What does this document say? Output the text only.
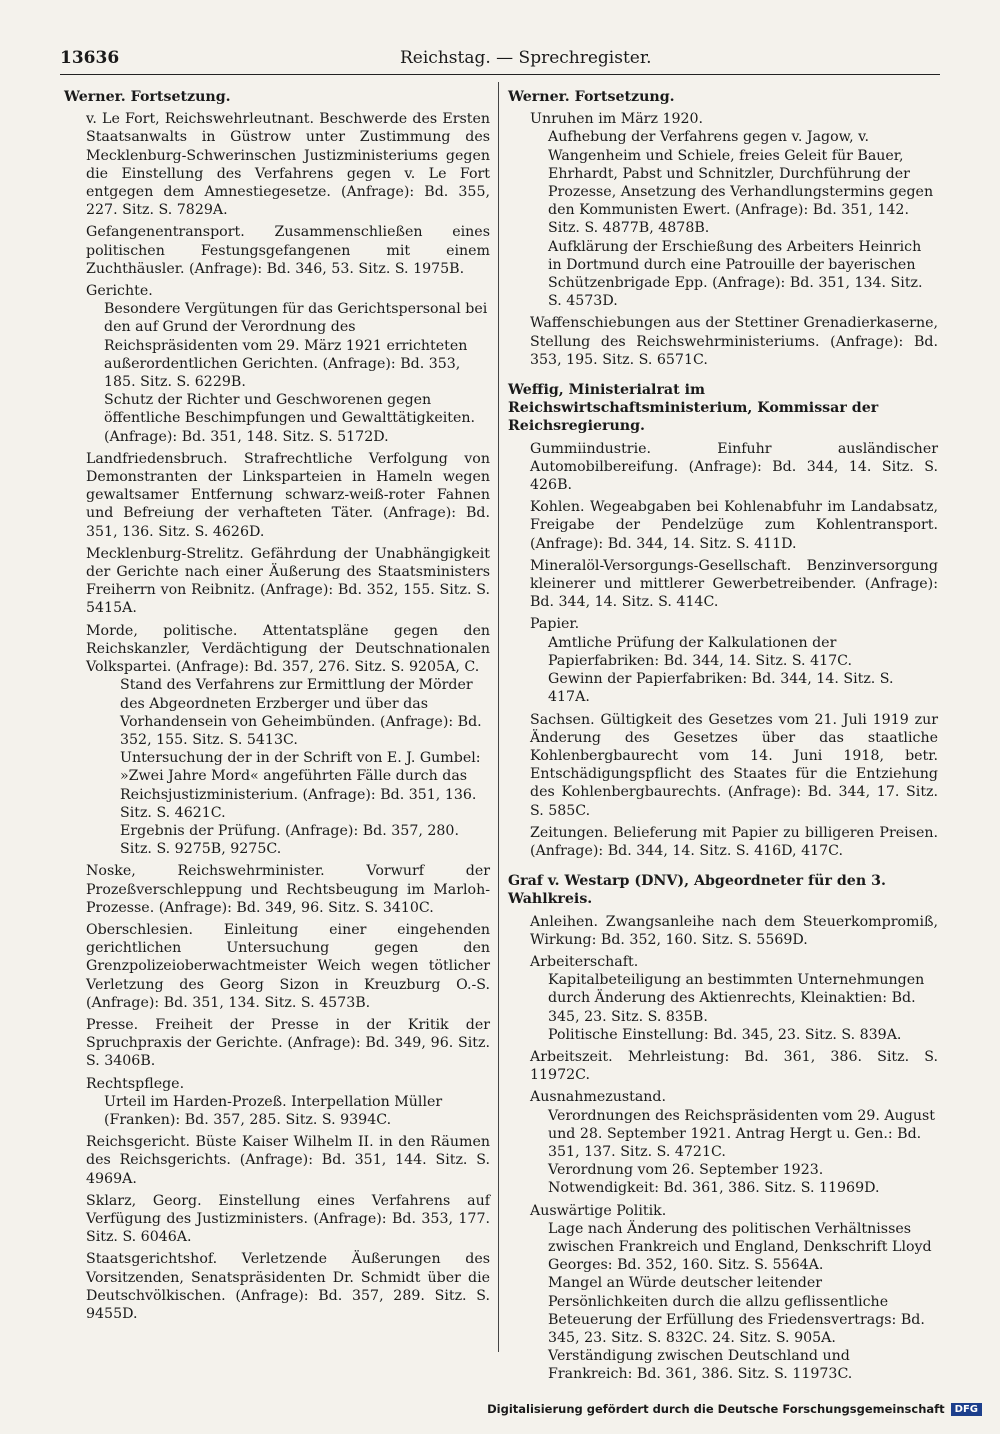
13636	Reichstag. — Sprechregister.
Werner. Fortsetzung.
v. Le Fort, Reichswehrleutnant. Beschwerde des Ersten Staatsanwalts in Güstrow unter Zustimmung des Mecklenburg-Schwerinschen Justizministeriums gegen die Einstellung des Verfahrens gegen v. Le Fort entgegen dem Amnestiegesetze. (Anfrage): Bd. 355, 227. Sitz. S. 7829A.
Gefangenentransport. Zusammenschließen eines politischen Festungsgefangenen mit einem Zuchthäusler. (Anfrage): Bd. 346, 53. Sitz. S. 1975B.
Gerichte.
Besondere Vergütungen für das Gerichtspersonal bei den auf Grund der Verordnung des Reichspräsidenten vom 29. März 1921 errichteten außerordentlichen Gerichten. (Anfrage): Bd. 353, 185. Sitz. S. 6229B.
Schutz der Richter und Geschworenen gegen öffentliche Beschimpfungen und Gewalttätigkeiten. (Anfrage): Bd. 351, 148. Sitz. S. 5172D.
Landfriedensbruch. Strafrechtliche Verfolgung von Demonstranten der Linksparteien in Hameln wegen gewaltsamer Entfernung schwarz-weiß-roter Fahnen und Befreiung der verhafteten Täter. (Anfrage): Bd. 351, 136. Sitz. S. 4626D.
Mecklenburg-Strelitz. Gefährdung der Unabhängigkeit der Gerichte nach einer Äußerung des Staatsministers Freiherrn von Reibnitz. (Anfrage): Bd. 352, 155. Sitz. S. 5415A.
Morde, politische. Attentatspläne gegen den Reichskanzler, Verdächtigung der Deutschnationalen Volkspartei. (Anfrage): Bd. 357, 276. Sitz. S. 9205A, C.
Stand des Verfahrens zur Ermittlung der Mörder des Abgeordneten Erzberger und über das Vorhandensein von Geheimbünden. (Anfrage): Bd. 352, 155. Sitz. S. 5413C.
Untersuchung der in der Schrift von E. J. Gumbel: »Zwei Jahre Mord« angeführten Fälle durch das Reichsjustizministerium. (Anfrage): Bd. 351, 136. Sitz. S. 4621C.
Ergebnis der Prüfung. (Anfrage): Bd. 357, 280. Sitz. S. 9275B, 9275C.
Noske, Reichswehrminister. Vorwurf der Prozeßverschleppung und Rechtsbeugung im Marloh-Prozesse. (Anfrage): Bd. 349, 96. Sitz. S. 3410C.
Oberschlesien. Einleitung einer eingehenden gerichtlichen Untersuchung gegen den Grenzpolizeioberwachtmeister Weich wegen tötlicher Verletzung des Georg Sizon in Kreuzburg O.-S. (Anfrage): Bd. 351, 134. Sitz. S. 4573B.
Presse. Freiheit der Presse in der Kritik der Spruchpraxis der Gerichte. (Anfrage): Bd. 349, 96. Sitz. S. 3406B.
Rechtspflege.
Urteil im Harden-Prozeß. Interpellation Müller (Franken): Bd. 357, 285. Sitz. S. 9394C.
Reichsgericht. Büste Kaiser Wilhelm II. in den Räumen des Reichsgerichts. (Anfrage): Bd. 351, 144. Sitz. S. 4969A.
Sklarz, Georg. Einstellung eines Verfahrens auf Verfügung des Justizministers. (Anfrage): Bd. 353, 177. Sitz. S. 6046A.
Staatsgerichtshof. Verletzende Äußerungen des Vorsitzenden, Senatspräsidenten Dr. Schmidt über die Deutschvölkischen. (Anfrage): Bd. 357, 289. Sitz. S. 9455D.
Werner. Fortsetzung.
Unruhen im März 1920.
Aufhebung der Verfahrens gegen v. Jagow, v. Wangenheim und Schiele, freies Geleit für Bauer, Ehrhardt, Pabst und Schnitzler, Durchführung der Prozesse, Ansetzung des Verhandlungstermins gegen den Kommunisten Ewert. (Anfrage): Bd. 351, 142. Sitz. S. 4877B, 4878B.
Aufklärung der Erschießung des Arbeiters Heinrich in Dortmund durch eine Patrouille der bayerischen Schützenbrigade Epp. (Anfrage): Bd. 351, 134. Sitz. S. 4573D.
Waffenschiebungen aus der Stettiner Grenadierkaserne, Stellung des Reichswehrministeriums. (Anfrage): Bd. 353, 195. Sitz. S. 6571C.
Weffig, Ministerialrat im Reichswirtschaftsministerium, Kommissar der Reichsregierung.
Gummiindustrie. Einfuhr ausländischer Automobilbereifung. (Anfrage): Bd. 344, 14. Sitz. S. 426B.
Kohlen. Wegeabgaben bei Kohlenabfuhr im Landabsatz, Freigabe der Pendelzüge zum Kohlentransport. (Anfrage): Bd. 344, 14. Sitz. S. 411D.
Mineralöl-Versorgungs-Gesellschaft. Benzinversorgung kleinerer und mittlerer Gewerbetreibender. (Anfrage): Bd. 344, 14. Sitz. S. 414C.
Papier.
Amtliche Prüfung der Kalkulationen der Papierfabriken: Bd. 344, 14. Sitz. S. 417C.
Gewinn der Papierfabriken: Bd. 344, 14. Sitz. S. 417A.
Sachsen. Gültigkeit des Gesetzes vom 21. Juli 1919 zur Änderung des Gesetzes über das staatliche Kohlenbergbaurecht vom 14. Juni 1918, betr. Entschädigungspflicht des Staates für die Entziehung des Kohlenbergbaurechts. (Anfrage): Bd. 344, 17. Sitz. S. 585C.
Zeitungen. Belieferung mit Papier zu billigeren Preisen. (Anfrage): Bd. 344, 14. Sitz. S. 416D, 417C.
Graf v. Westarp (DNV), Abgeordneter für den 3. Wahlkreis.
Anleihen. Zwangsanleihe nach dem Steuerkompromiß, Wirkung: Bd. 352, 160. Sitz. S. 5569D.
Arbeiterschaft.
Kapitalbeteiligung an bestimmten Unternehmungen durch Änderung des Aktienrechts, Kleinaktien: Bd. 345, 23. Sitz. S. 835B.
Politische Einstellung: Bd. 345, 23. Sitz. S. 839A.
Arbeitszeit. Mehrleistung: Bd. 361, 386. Sitz. S. 11972C.
Ausnahmezustand.
Verordnungen des Reichspräsidenten vom 29. August und 28. September 1921. Antrag Hergt u. Gen.: Bd. 351, 137. Sitz. S. 4721C.
Verordnung vom 26. September 1923. Notwendigkeit: Bd. 361, 386. Sitz. S. 11969D.
Auswärtige Politik.
Lage nach Änderung des politischen Verhältnisses zwischen Frankreich und England, Denkschrift Lloyd Georges: Bd. 352, 160. Sitz. S. 5564A.
Mangel an Würde deutscher leitender Persönlichkeiten durch die allzu geflissentliche Beteuerung der Erfüllung des Friedensvertrags: Bd. 345, 23. Sitz. S. 832C. 24. Sitz. S. 905A.
Verständigung zwischen Deutschland und Frankreich: Bd. 361, 386. Sitz. S. 11973C.
Digitalisierung gefördert durch die Deutsche Forschungsgemeinschaft	DFG
